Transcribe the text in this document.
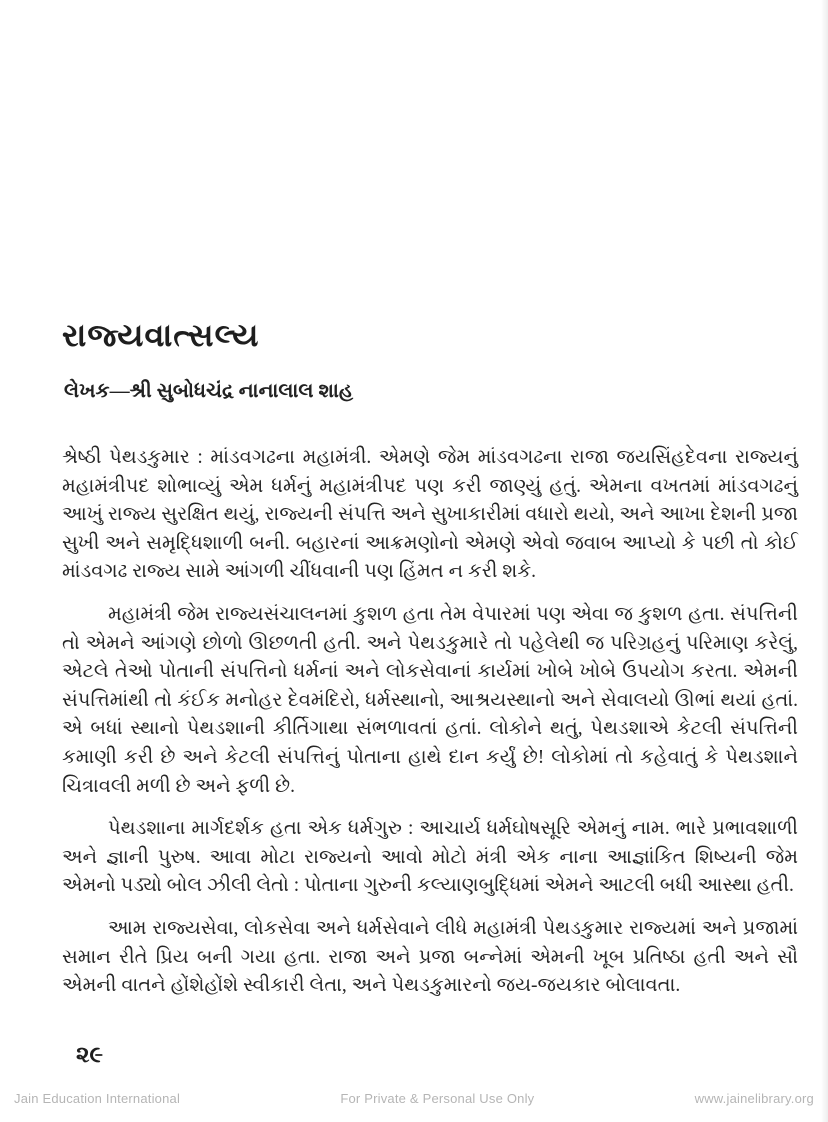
રાજ્યવાત્સલ્ય
લેખક—શ્રી સુબોધચંદ્ર નાનાલાલ શાહ

શ્રેષ્ઠી પેથડકુમાર : માંડવગઢના મહામંત્રી. એમણે જેમ માંડવગઢના રાજા જયસિંહદેવના રાજ્યનું મહામંત્રીપદ શોભાવ્યું એમ ધર્મનું મહામંત્રીપદ પણ કરી જાણ્યું હતું. એમના વખતમાં માંડવગઢનું આખું રાજ્ય સુરક્ષિત થયું, રાજ્યની સંપત્તિ અને સુખાકારીમાં વધારો થયો, અને આખા દેશની પ્રજા સુખી અને સમૃદ્ધિશાળી બની. બહારનાં આક્રમણોનો એમણે એવો જવાબ આપ્યો કે પછી તો કોઈ માંડવગઢ રાજ્ય સામે આંગળી ચીંધવાની પણ હિંમત ન કરી શકે.

મહામંત્રી જેમ રાજ્યસંચાલનમાં કુશળ હતા તેમ વેપારમાં પણ એવા જ કુશળ હતા. સંપત્તિની તો એમને આંગણે છોળો ઊછળતી હતી. અને પેથડકુમારે તો પહેલેથી જ પરિગ્રહનું પરિમાણ કરેલું, એટલે તેઓ પોતાની સંપત્તિનો ધર્મનાં અને લોકસેવાનાં કાર્યમાં ખોબે ખોબે ઉપયોગ કરતા. એમની સંપત્તિમાંથી તો કંઈક મનોહર દેવમંદિરો, ધર્મસ્થાનો, આશ્રયસ્થાનો અને સેવાલયો ઊભાં થયાં હતાં. એ બધાં સ્થાનો પેથડશાની કીર્તિગાથા સંભળાવતાં હતાં. લોકોને થતું, પેથડશાએ કેટલી સંપત્તિની કમાણી કરી છે અને કેટલી સંપત્તિનું પોતાના હાથે દાન કર્યું છે! લોકોમાં તો કહેવાતું કે પેથડશાને ચિત્રાવલી મળી છે અને ફળી છે.

પેથડશાના માર્ગદર્શક હતા એક ધર્મગુરુ : આચાર્ય ધર્મઘોષસૂરિ એમનું નામ. ભારે પ્રભાવશાળી અને જ્ઞાની પુરુષ. આવા મોટા રાજ્યનો આવો મોટો મંત્રી એક નાના આજ્ઞાંકિત શિષ્યની જેમ એમનો પડ્યો બોલ ઝીલી લેતો : પોતાના ગુરુની કલ્યાણબુદ્ધિમાં એમને આટલી બધી આસ્થા હતી.

આમ રાજ્યસેવા, લોકસેવા અને ધર્મસેવાને લીધે મહામંત્રી પેથડકુમાર રાજ્યમાં અને પ્રજામાં સમાન રીતે પ્રિય બની ગયા હતા. રાજા અને પ્રજા બન્નેમાં એમની ખૂબ પ્રતિષ્ઠા હતી અને સૌ એમની વાતને હોંશેહોંશે સ્વીકારી લેતા, અને પેથડકુમારનો જય-જયકાર બોલાવતા.

૨૯
Jain Education International	For Private & Personal Use Only	www.jainelibrary.org
